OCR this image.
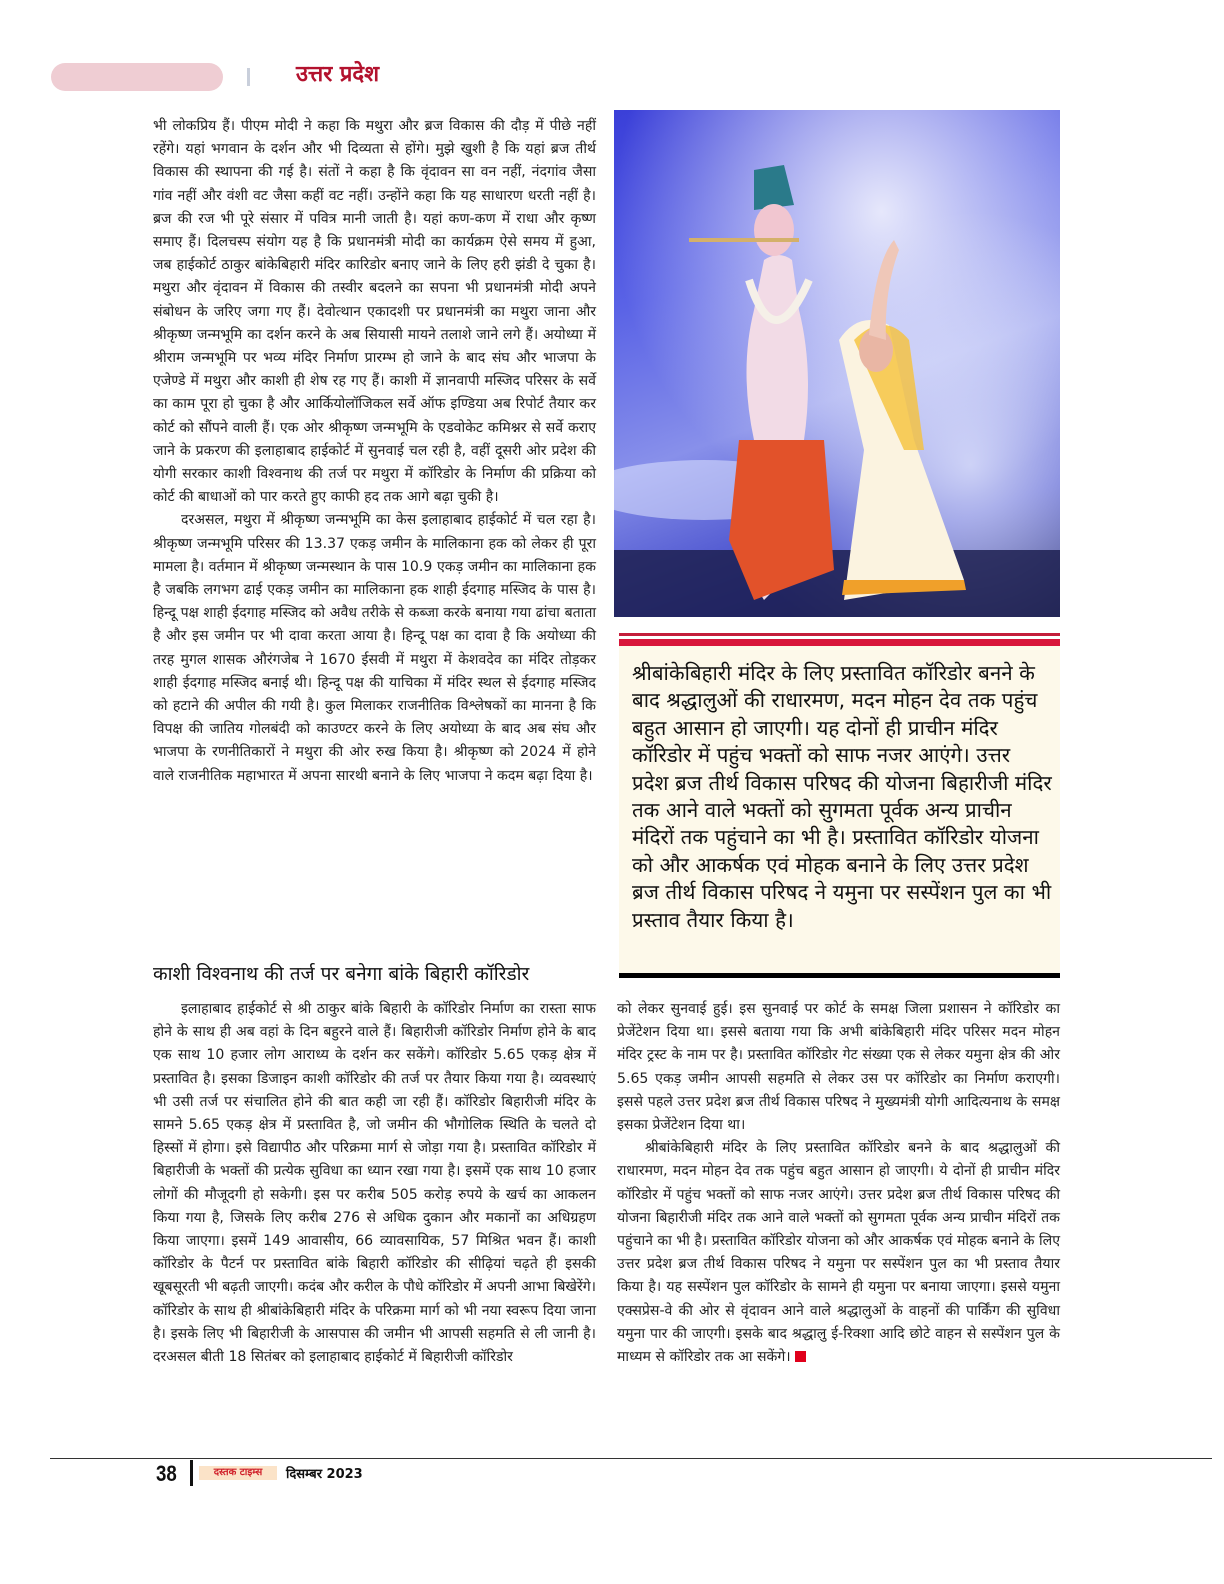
उत्तर प्रदेश

भी लोकप्रिय हैं। पीएम मोदी ने कहा कि मथुरा और ब्रज विकास की दौड़ में पीछे नहीं रहेंगे। यहां भगवान के दर्शन और भी दिव्यता से होंगे। मुझे खुशी है कि यहां ब्रज तीर्थ विकास की स्थापना की गई है। संतों ने कहा है कि वृंदावन सा वन नहीं, नंदगांव जैसा गांव नहीं और वंशी वट जैसा कहीं वट नहीं। उन्होंने कहा कि यह साधारण धरती नहीं है। ब्रज की रज भी पूरे संसार में पवित्र मानी जाती है। यहां कण-कण में राधा और कृष्ण समाए हैं। दिलचस्प संयोग यह है कि प्रधानमंत्री मोदी का कार्यक्रम ऐसे समय में हुआ, जब हाईकोर्ट ठाकुर बांकेबिहारी मंदिर कारिडोर बनाए जाने के लिए हरी झंडी दे चुका है। मथुरा और वृंदावन में विकास की तस्वीर बदलने का सपना भी प्रधानमंत्री मोदी अपने संबोधन के जरिए जगा गए हैं। देवोत्थान एकादशी पर प्रधानमंत्री का मथुरा जाना और श्रीकृष्ण जन्मभूमि का दर्शन करने के अब सियासी मायने तलाशे जाने लगे हैं। अयोध्या में श्रीराम जन्मभूमि पर भव्य मंदिर निर्माण प्रारम्भ हो जाने के बाद संघ और भाजपा के एजेण्डे में मथुरा और काशी ही शेष रह गए हैं। काशी में ज्ञानवापी मस्जिद परिसर के सर्वे का काम पूरा हो चुका है और आर्कियोलॉजिकल सर्वे ऑफ इण्डिया अब रिपोर्ट तैयार कर कोर्ट को सौंपने वाली हैं। एक ओर श्रीकृष्ण जन्मभूमि के एडवोकेट कमिश्नर से सर्वे कराए जाने के प्रकरण की इलाहाबाद हाईकोर्ट में सुनवाई चल रही है, वहीं दूसरी ओर प्रदेश की योगी सरकार काशी विश्वनाथ की तर्ज पर मथुरा में कॉरिडोर के निर्माण की प्रक्रिया को कोर्ट की बाधाओं को पार करते हुए काफी हद तक आगे बढ़ा चुकी है।

दरअसल, मथुरा में श्रीकृष्ण जन्मभूमि का केस इलाहाबाद हाईकोर्ट में चल रहा है। श्रीकृष्ण जन्मभूमि परिसर की 13.37 एकड़ जमीन के मालिकाना हक को लेकर ही पूरा मामला है। वर्तमान में श्रीकृष्ण जन्मस्थान के पास 10.9 एकड़ जमीन का मालिकाना हक है जबकि लगभग ढाई एकड़ जमीन का मालिकाना हक शाही ईदगाह मस्जिद के पास है। हिन्दू पक्ष शाही ईदगाह मस्जिद को अवैध तरीके से कब्जा करके बनाया गया ढांचा बताता है और इस जमीन पर भी दावा करता आया है। हिन्दू पक्ष का दावा है कि अयोध्या की तरह मुगल शासक औरंगजेब ने 1670 ईसवी में मथुरा में केशवदेव का मंदिर तोड़कर शाही ईदगाह मस्जिद बनाई थी। हिन्दू पक्ष की याचिका में मंदिर स्थल से ईदगाह मस्जिद को हटाने की अपील की गयी है। कुल मिलाकर राजनीतिक विश्लेषकों का मानना है कि विपक्ष की जातिय गोलबंदी को काउण्टर करने के लिए अयोध्या के बाद अब संघ और भाजपा के रणनीतिकारों ने मथुरा की ओर रुख किया है। श्रीकृष्ण को 2024 में होने वाले राजनीतिक महाभारत में अपना सारथी बनाने के लिए भाजपा ने कदम बढ़ा दिया है।

काशी विश्वनाथ की तर्ज पर बनेगा बांके बिहारी कॉरिडोर

इलाहाबाद हाईकोर्ट से श्री ठाकुर बांके बिहारी के कॉरिडोर निर्माण का रास्ता साफ होने के साथ ही अब वहां के दिन बहुरने वाले हैं। बिहारीजी कॉरिडोर निर्माण होने के बाद एक साथ 10 हजार लोग आराध्य के दर्शन कर सकेंगे। कॉरिडोर 5.65 एकड़ क्षेत्र में प्रस्तावित है। इसका डिजाइन काशी कॉरिडोर की तर्ज पर तैयार किया गया है। व्यवस्थाएं भी उसी तर्ज पर संचालित होने की बात कही जा रही हैं। कॉरिडोर बिहारीजी मंदिर के सामने 5.65 एकड़ क्षेत्र में प्रस्तावित है, जो जमीन की भौगोलिक स्थिति के चलते दो हिस्सों में होगा। इसे विद्यापीठ और परिक्रमा मार्ग से जोड़ा गया है। प्रस्तावित कॉरिडोर में बिहारीजी के भक्तों की प्रत्येक सुविधा का ध्यान रखा गया है। इसमें एक साथ 10 हजार लोगों की मौजूदगी हो सकेगी। इस पर करीब 505 करोड़ रुपये के खर्च का आकलन किया गया है, जिसके लिए करीब 276 से अधिक दुकान और मकानों का अधिग्रहण किया जाएगा। इसमें 149 आवासीय, 66 व्यावसायिक, 57 मिश्रित भवन हैं। काशी कॉरिडोर के पैटर्न पर प्रस्तावित बांके बिहारी कॉरिडोर की सीढ़ियां चढ़ते ही इसकी खूबसूरती भी बढ़ती जाएगी। कदंब और करील के पौधे कॉरिडोर में अपनी आभा बिखेरेंगे। कॉरिडोर के साथ ही श्रीबांकेबिहारी मंदिर के परिक्रमा मार्ग को भी नया स्वरूप दिया जाना है। इसके लिए भी बिहारीजी के आसपास की जमीन भी आपसी सहमति से ली जानी है। दरअसल बीती 18 सितंबर को इलाहाबाद हाईकोर्ट में बिहारीजी कॉरिडोर

श्रीबांकेबिहारी मंदिर के लिए प्रस्तावित कॉरिडोर बनने के बाद श्रद्धालुओं की राधारमण, मदन मोहन देव तक पहुंच बहुत आसान हो जाएगी। यह दोनों ही प्राचीन मंदिर कॉरिडोर में पहुंच भक्तों को साफ नजर आएंगे। उत्तर प्रदेश ब्रज तीर्थ विकास परिषद की योजना बिहारीजी मंदिर तक आने वाले भक्तों को सुगमता पूर्वक अन्य प्राचीन मंदिरों तक पहुंचाने का भी है। प्रस्तावित कॉरिडोर योजना को और आकर्षक एवं मोहक बनाने के लिए उत्तर प्रदेश ब्रज तीर्थ विकास परिषद ने यमुना पर सस्पेंशन पुल का भी प्रस्ताव तैयार किया है।

को लेकर सुनवाई हुई। इस सुनवाई पर कोर्ट के समक्ष जिला प्रशासन ने कॉरिडोर का प्रेजेंटेशन दिया था। इससे बताया गया कि अभी बांकेबिहारी मंदिर परिसर मदन मोहन मंदिर ट्रस्ट के नाम पर है। प्रस्तावित कॉरिडोर गेट संख्या एक से लेकर यमुना क्षेत्र की ओर 5.65 एकड़ जमीन आपसी सहमति से लेकर उस पर कॉरिडोर का निर्माण कराएगी। इससे पहले उत्तर प्रदेश ब्रज तीर्थ विकास परिषद ने मुख्यमंत्री योगी आदित्यनाथ के समक्ष इसका प्रेजेंटेशन दिया था।

श्रीबांकेबिहारी मंदिर के लिए प्रस्तावित कॉरिडोर बनने के बाद श्रद्धालुओं की राधारमण, मदन मोहन देव तक पहुंच बहुत आसान हो जाएगी। ये दोनों ही प्राचीन मंदिर कॉरिडोर में पहुंच भक्तों को साफ नजर आएंगे। उत्तर प्रदेश ब्रज तीर्थ विकास परिषद की योजना बिहारीजी मंदिर तक आने वाले भक्तों को सुगमता पूर्वक अन्य प्राचीन मंदिरों तक पहुंचाने का भी है। प्रस्तावित कॉरिडोर योजना को और आकर्षक एवं मोहक बनाने के लिए उत्तर प्रदेश ब्रज तीर्थ विकास परिषद ने यमुना पर सस्पेंशन पुल का भी प्रस्ताव तैयार किया है। यह सस्पेंशन पुल कॉरिडोर के सामने ही यमुना पर बनाया जाएगा। इससे यमुना एक्सप्रेस-वे की ओर से वृंदावन आने वाले श्रद्धालुओं के वाहनों की पार्किंग की सुविधा यमुना पार की जाएगी। इसके बाद श्रद्धालु ई-रिक्शा आदि छोटे वाहन से सस्पेंशन पुल के माध्यम से कॉरिडोर तक आ सकेंगे।

38	दस्तक टाइम्स	दिसम्बर 2023
